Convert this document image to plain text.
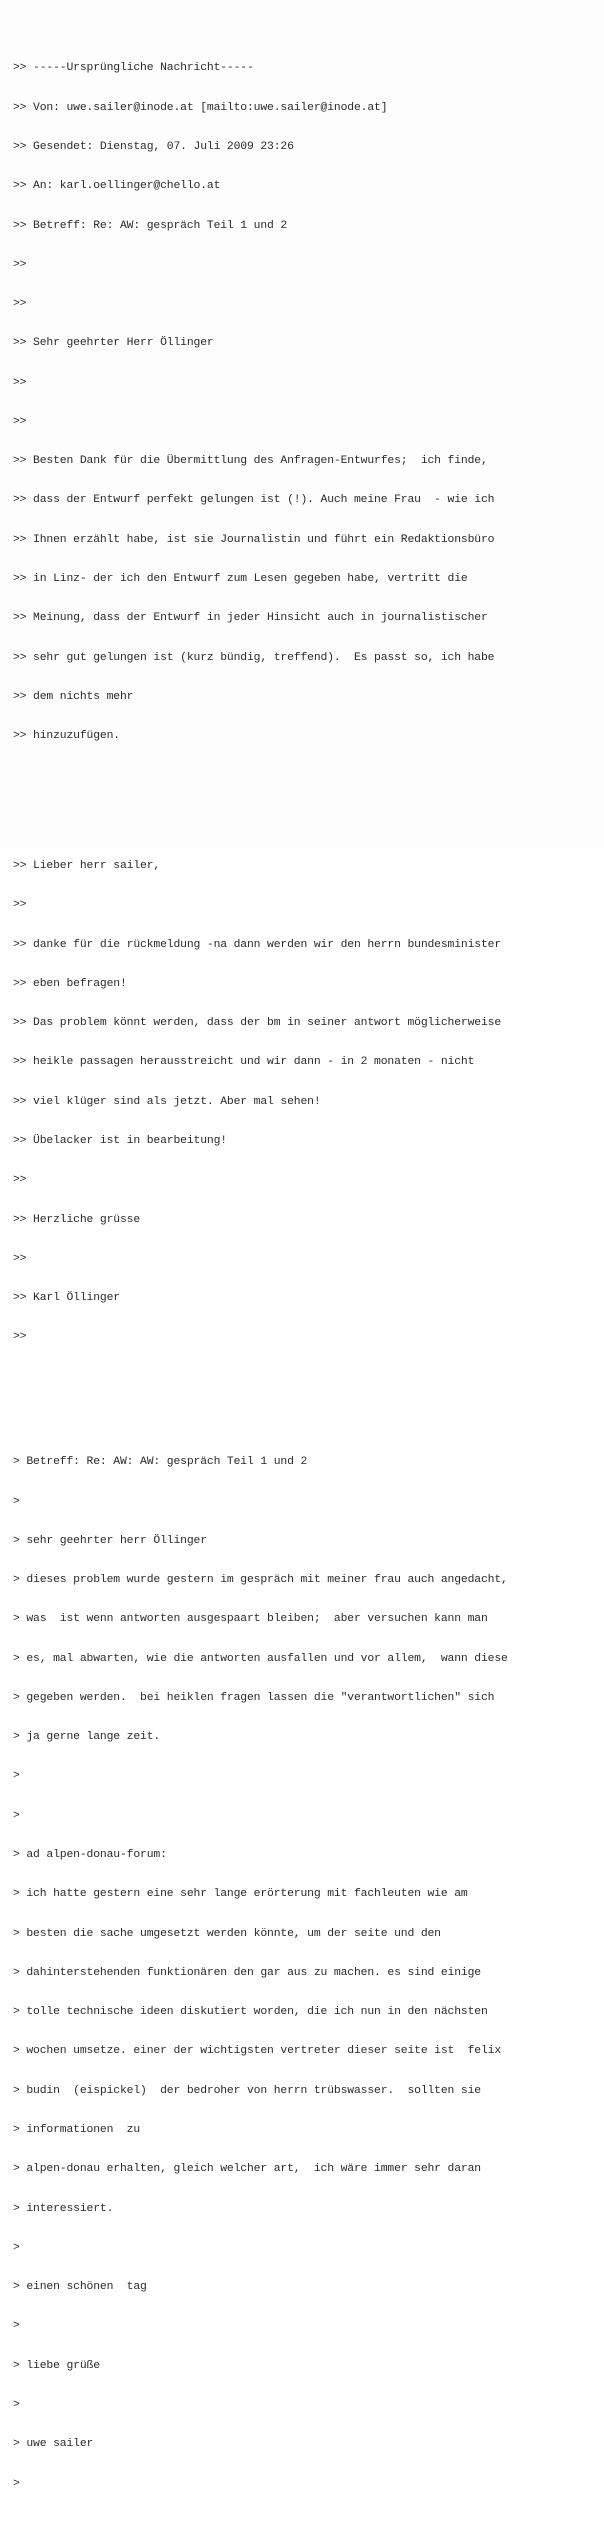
>> -----Ursprüngliche Nachricht-----

>> Von: uwe.sailer@inode.at [mailto:uwe.sailer@inode.at]

>> Gesendet: Dienstag, 07. Juli 2009 23:26

>> An: karl.oellinger@chello.at

>> Betreff: Re: AW: gespräch Teil 1 und 2

>>

>>

>> Sehr geehrter Herr Öllinger

>>

>>

>> Besten Dank für die Übermittlung des Anfragen-Entwurfes;  ich finde,

>> dass der Entwurf perfekt gelungen ist (!). Auch meine Frau  - wie ich

>> Ihnen erzählt habe, ist sie Journalistin und führt ein Redaktionsbüro

>> in Linz- der ich den Entwurf zum Lesen gegeben habe, vertritt die

>> Meinung, dass der Entwurf in jeder Hinsicht auch in journalistischer

>> sehr gut gelungen ist (kurz bündig, treffend).  Es passt so, ich habe

>> dem nichts mehr

>> hinzuzufügen.

>> Lieber herr sailer,

>>

>> danke für die rückmeldung -na dann werden wir den herrn bundesminister

>> eben befragen!

>> Das problem könnt werden, dass der bm in seiner antwort möglicherweise

>> heikle passagen herausstreicht und wir dann - in 2 monaten - nicht

>> viel klüger sind als jetzt. Aber mal sehen!

>> Übelacker ist in bearbeitung!

>>

>> Herzliche grüsse

>>

>> Karl Öllinger

>>

> Betreff: Re: AW: AW: gespräch Teil 1 und 2

>

> sehr geehrter herr Öllinger

> dieses problem wurde gestern im gespräch mit meiner frau auch angedacht,

> was  ist wenn antworten ausgespaart bleiben;  aber versuchen kann man

> es, mal abwarten, wie die antworten ausfallen und vor allem,  wann diese

> gegeben werden.  bei heiklen fragen lassen die "verantwortlichen" sich

> ja gerne lange zeit.

>

>

> ad alpen-donau-forum:

> ich hatte gestern eine sehr lange erörterung mit fachleuten wie am

> besten die sache umgesetzt werden könnte, um der seite und den

> dahinterstehenden funktionären den gar aus zu machen. es sind einige

> tolle technische ideen diskutiert worden, die ich nun in den nächsten

> wochen umsetze. einer der wichtigsten vertreter dieser seite ist  felix

> budin  (eispickel)  der bedroher von herrn trübswasser.  sollten sie

> informationen  zu

> alpen-donau erhalten, gleich welcher art,  ich wäre immer sehr daran

> interessiert.

>

> einen schönen  tag

>

> liebe grüße

>

> uwe sailer

>
